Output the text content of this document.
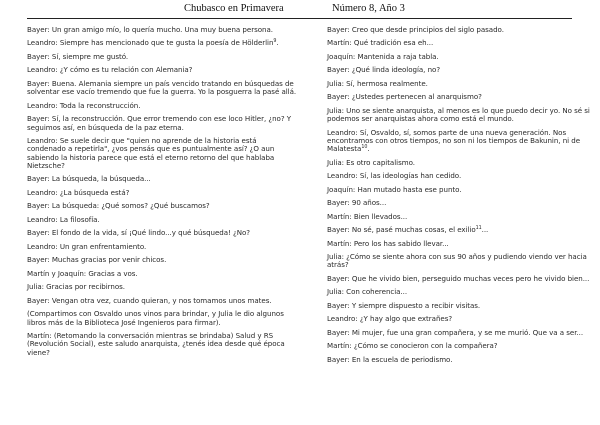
Chubasco en Primavera	Número 8, Año 3

Bayer: Un gran amigo mío, lo quería mucho. Una muy buena persona.

Leandro: Siempre has mencionado que te gusta la poesía de Hölderlin$^9$.

Bayer: Sí, siempre me gustó.

Leandro: ¿Y cómo es tu relación con Alemania?

Bayer: Buena. Alemania siempre un país vencido tratando en búsquedas de solventar ese vacío tremendo que fue la guerra. Yo la posguerra la pasé allá.

Leandro: Toda la reconstrucción.

Bayer: Sí, la reconstrucción. Que error tremendo con ese loco Hitler, ¿no? Y seguimos así, en búsqueda de la paz eterna.

Leandro: Se suele decir que "quien no aprende de la historia está condenado a repetirla", ¿vos pensás que es puntualmente así? ¿O aun sabiendo la historia parece que está el eterno retorno del que hablaba Nietzsche?

Bayer: La búsqueda, la búsqueda...

Leandro: ¿La búsqueda está?

Bayer: La búsqueda: ¿Qué somos? ¿Qué buscamos?

Leandro: La filosofía.

Bayer: El fondo de la vida, sí ¡Qué lindo...y qué búsqueda! ¿No?

Leandro: Un gran enfrentamiento.

Bayer: Muchas gracias por venir chicos.

Martín y Joaquín: Gracias a vos.

Julia: Gracias por recibirnos.

Bayer: Vengan otra vez, cuando quieran, y nos tomamos unos mates.

(Compartimos con Osvaldo unos vinos para brindar, y Julia le dio algunos libros más de la Biblioteca José Ingenieros para firmar).

Martín: (Retomando la conversación mientras se brindaba) Salud y RS (Revolución Social), este saludo anarquista, ¿tenés idea desde qué época viene?

Bayer: Creo que desde principios del siglo pasado.

Martín: Qué tradición esa eh...

Joaquín: Mantenida a raja tabla.

Bayer: ¿Qué linda ideología, no?

Julia: Sí, hermosa realmente.

Bayer: ¿Ustedes pertenecen al anarquismo?

Julia: Uno se siente anarquista, al menos es lo que puedo decir yo. No sé si podemos ser anarquistas ahora como está el mundo.

Leandro: Sí, Osvaldo, sí, somos parte de una nueva generación. Nos encontramos con otros tiempos, no son ni los tiempos de Bakunin, ni de Malatesta$^{10}$.

Julia: Es otro capitalismo.

Leandro: Sí, las ideologías han cedido.

Joaquín: Han mutado hasta ese punto.

Bayer: 90 años...

Martín: Bien llevados...

Bayer: No sé, pasé muchas cosas, el exilio$^{11}$...

Martín: Pero los has sabido llevar...

Julia: ¿Cómo se siente ahora con sus 90 años y pudiendo viendo ver hacia atrás?

Bayer: Que he vivido bien, perseguido muchas veces pero he vivido bien...

Julia: Con coherencia...

Bayer: Y siempre dispuesto a recibir visitas.

Leandro: ¿Y hay algo que extrañes?

Bayer: Mi mujer, fue una gran compañera, y se me murió. Que va a ser...

Martín: ¿Cómo se conocieron con la compañera?

Bayer: En la escuela de periodismo.
